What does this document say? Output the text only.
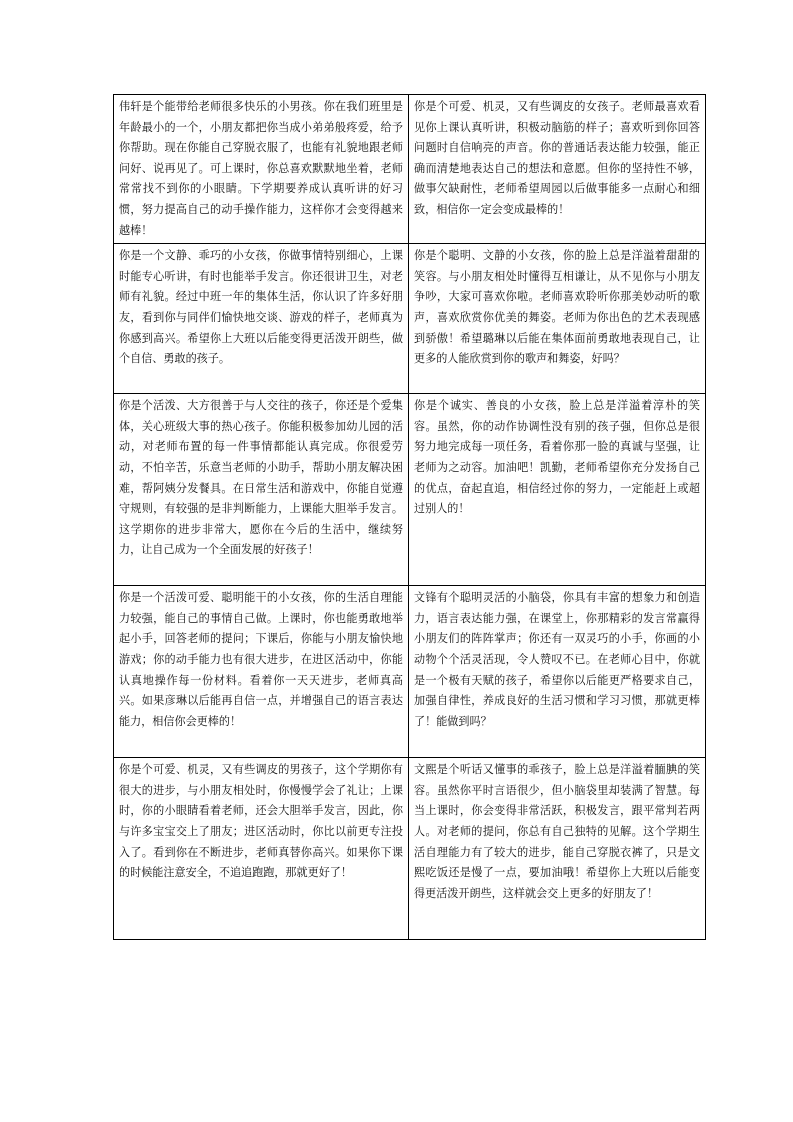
伟轩是个能带给老师很多快乐的小男孩。你在我们班里是年龄最小的一个，小朋友都把你当成小弟弟般疼爱，给予你帮助。现在你能自己穿脱衣服了，也能有礼貌地跟老师问好、说再见了。可上课时，你总喜欢默默地坐着，老师常常找不到你的小眼睛。下学期要养成认真听讲的好习惯，努力提高自己的动手操作能力，这样你才会变得越来越棒！	你是个可爱、机灵，又有些调皮的女孩子。老师最喜欢看见你上课认真听讲，积极动脑筋的样子；喜欢听到你回答问题时自信响亮的声音。你的普通话表达能力较强，能正确而清楚地表达自己的想法和意愿。但你的坚持性不够，做事欠缺耐性，老师希望周园以后做事能多一点耐心和细致，相信你一定会变成最棒的！
你是一个文静、乖巧的小女孩，你做事情特别细心，上课时能专心听讲，有时也能举手发言。你还很讲卫生，对老师有礼貌。经过中班一年的集体生活，你认识了许多好朋友，看到你与同伴们愉快地交谈、游戏的样子，老师真为你感到高兴。希望你上大班以后能变得更活泼开朗些，做个自信、勇敢的孩子。	你是个聪明、文静的小女孩，你的脸上总是洋溢着甜甜的笑容。与小朋友相处时懂得互相谦让，从不见你与小朋友争吵，大家可喜欢你啦。老师喜欢聆听你那美妙动听的歌声，喜欢欣赏你优美的舞姿。老师为你出色的艺术表现感到骄傲！希望璐琳以后能在集体面前勇敢地表现自己，让更多的人能欣赏到你的歌声和舞姿，好吗？
你是个活泼、大方很善于与人交往的孩子，你还是个爱集体，关心班级大事的热心孩子。你能积极参加幼儿园的活动，对老师布置的每一件事情都能认真完成。你很爱劳动，不怕辛苦，乐意当老师的小助手，帮助小朋友解决困难，帮阿姨分发餐具。在日常生活和游戏中，你能自觉遵守规则，有较强的是非判断能力，上课能大胆举手发言。这学期你的进步非常大，愿你在今后的生活中，继续努力，让自己成为一个全面发展的好孩子！	你是个诚实、善良的小女孩，脸上总是洋溢着淳朴的笑容。虽然，你的动作协调性没有别的孩子强，但你总是很努力地完成每一项任务，看着你那一脸的真诚与坚强，让老师为之动容。加油吧！凯勤，老师希望你充分发扬自己的优点，奋起直追，相信经过你的努力，一定能赶上或超过别人的！
你是一个活泼可爱、聪明能干的小女孩，你的生活自理能力较强，能自己的事情自己做。上课时，你也能勇敢地举起小手，回答老师的提问；下课后，你能与小朋友愉快地游戏；你的动手能力也有很大进步，在进区活动中，你能认真地操作每一份材料。看着你一天天进步，老师真高兴。如果彦琳以后能再自信一点，并增强自己的语言表达能力，相信你会更棒的！	文锋有个聪明灵活的小脑袋，你具有丰富的想象力和创造力，语言表达能力强，在课堂上，你那精彩的发言常赢得小朋友们的阵阵掌声；你还有一双灵巧的小手，你画的小动物个个活灵活现，令人赞叹不已。在老师心目中，你就是一个极有天赋的孩子，希望你以后能更严格要求自己，加强自律性，养成良好的生活习惯和学习习惯，那就更棒了！能做到吗？
你是个可爱、机灵，又有些调皮的男孩子，这个学期你有很大的进步，与小朋友相处时，你慢慢学会了礼让；上课时，你的小眼睛看着老师，还会大胆举手发言，因此，你与许多宝宝交上了朋友；进区活动时，你比以前更专注投入了。看到你在不断进步，老师真替你高兴。如果你下课的时候能注意安全，不追追跑跑，那就更好了！	文熙是个听话又懂事的乖孩子，脸上总是洋溢着腼腆的笑容。虽然你平时言语很少，但小脑袋里却装满了智慧。每当上课时，你会变得非常活跃，积极发言，跟平常判若两人。对老师的提问，你总有自己独特的见解。这个学期生活自理能力有了较大的进步，能自己穿脱衣裤了，只是文熙吃饭还是慢了一点，要加油哦！希望你上大班以后能变得更活泼开朗些，这样就会交上更多的好朋友了！
